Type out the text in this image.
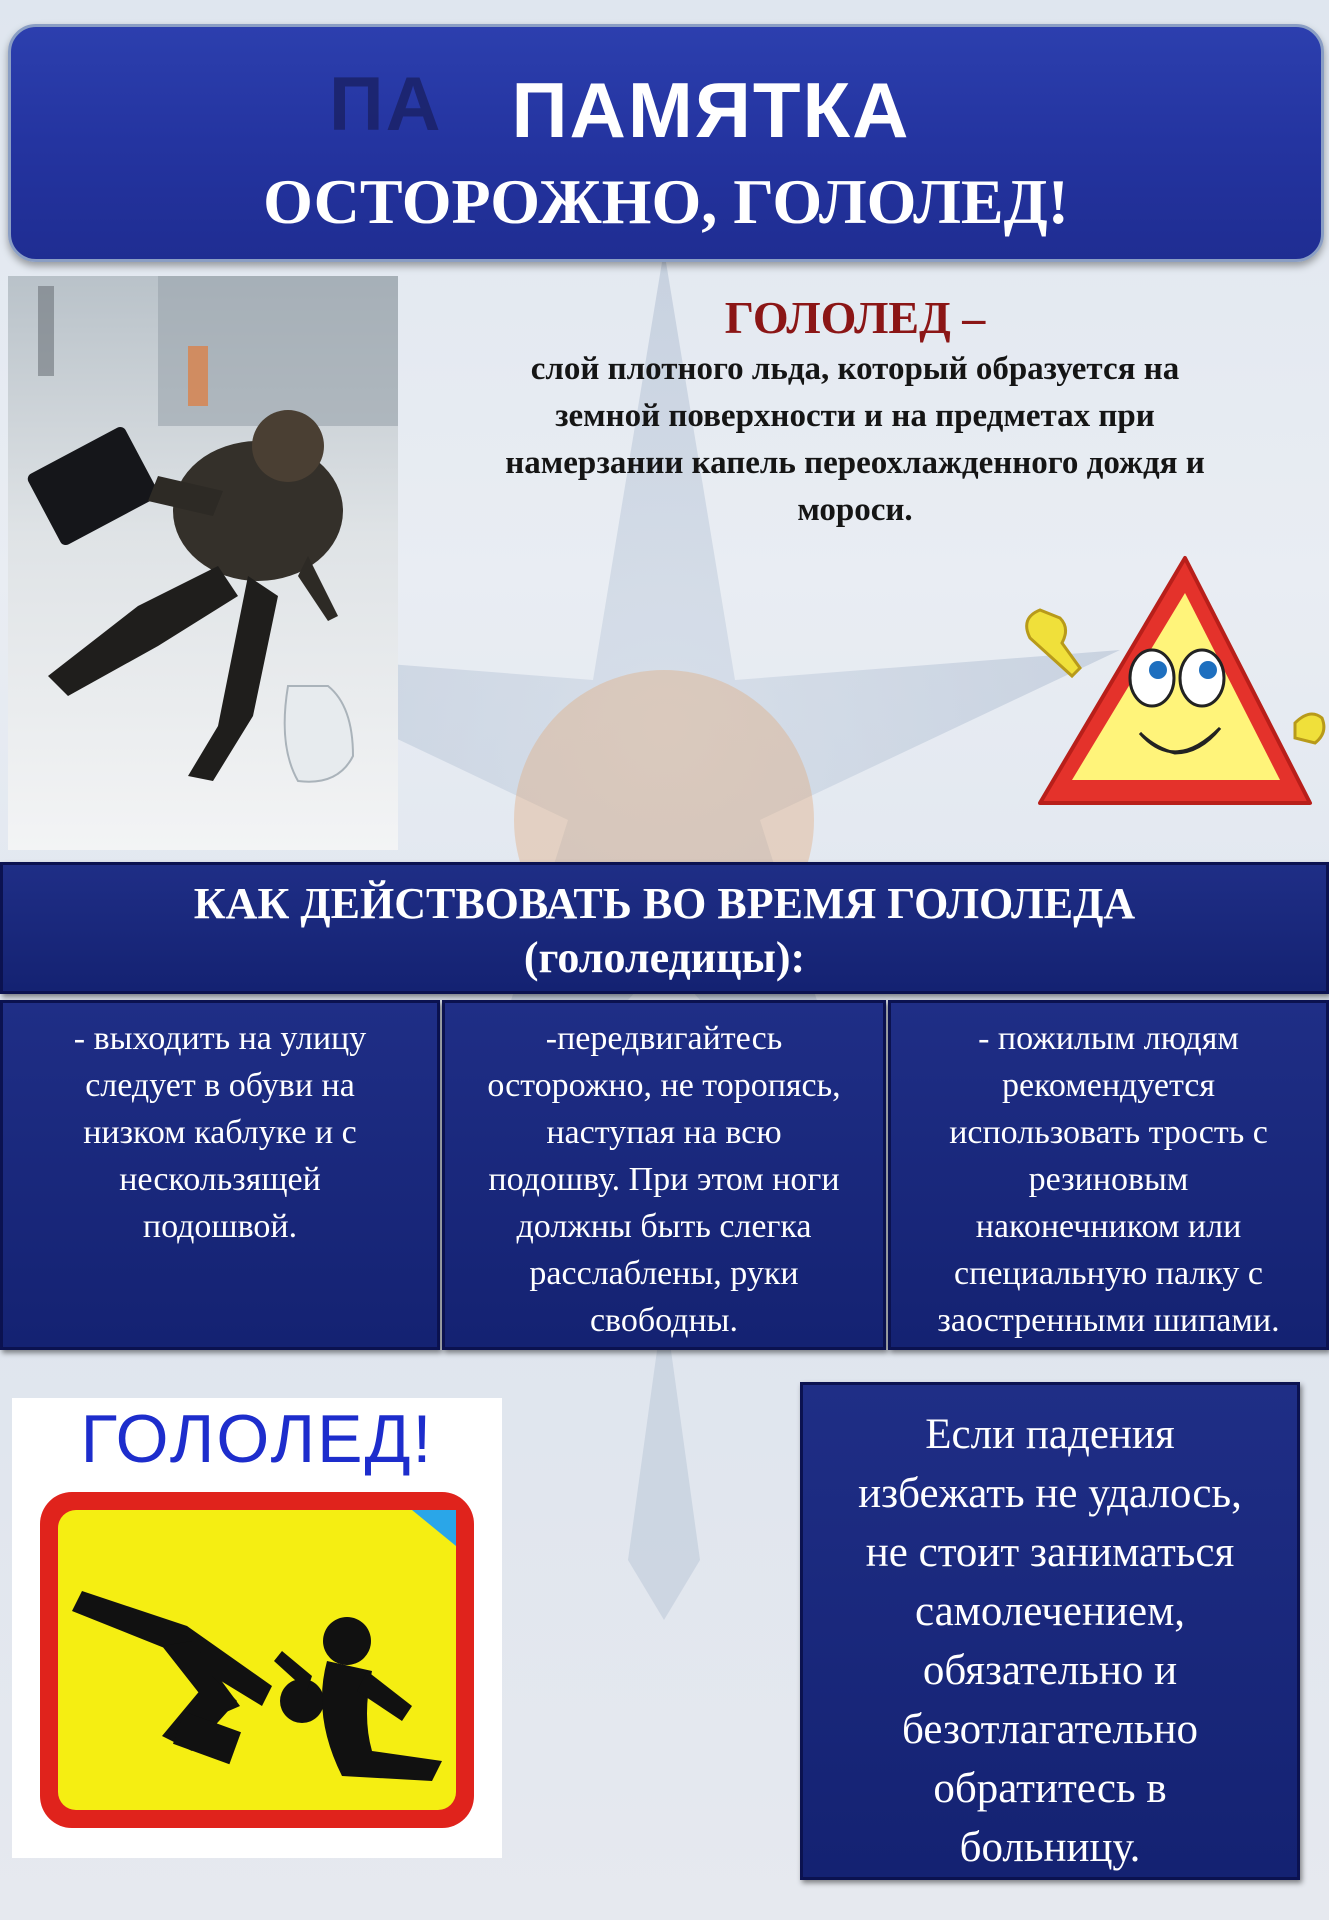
ПА ПАМЯТКА
ОСТОРОЖНО, ГОЛОЛЕД!
ГОЛОЛЕД –
слой плотного льда, который образуется на
земной поверхности и на предметах при
намерзании капель переохлажденного дождя и
мороси.
КАК ДЕЙСТВОВАТЬ ВО ВРЕМЯ ГОЛОЛЕДА
(гололедицы):
- выходить на улицу
следует в обуви на
низком каблуке и с
нескользящей
подошвой.
-передвигайтесь
осторожно, не торопясь,
наступая на всю
подошву. При этом ноги
должны быть слегка
расслаблены, руки
свободны.
- пожилым людям
рекомендуется
использовать трость с
резиновым
наконечником или
специальную палку с
заостренными шипами.
ГОЛОЛЕД!	Если падения
избежать не удалось,
не стоит заниматься
самолечением,
обязательно и
безотлагательно
обратитесь в
больницу.
